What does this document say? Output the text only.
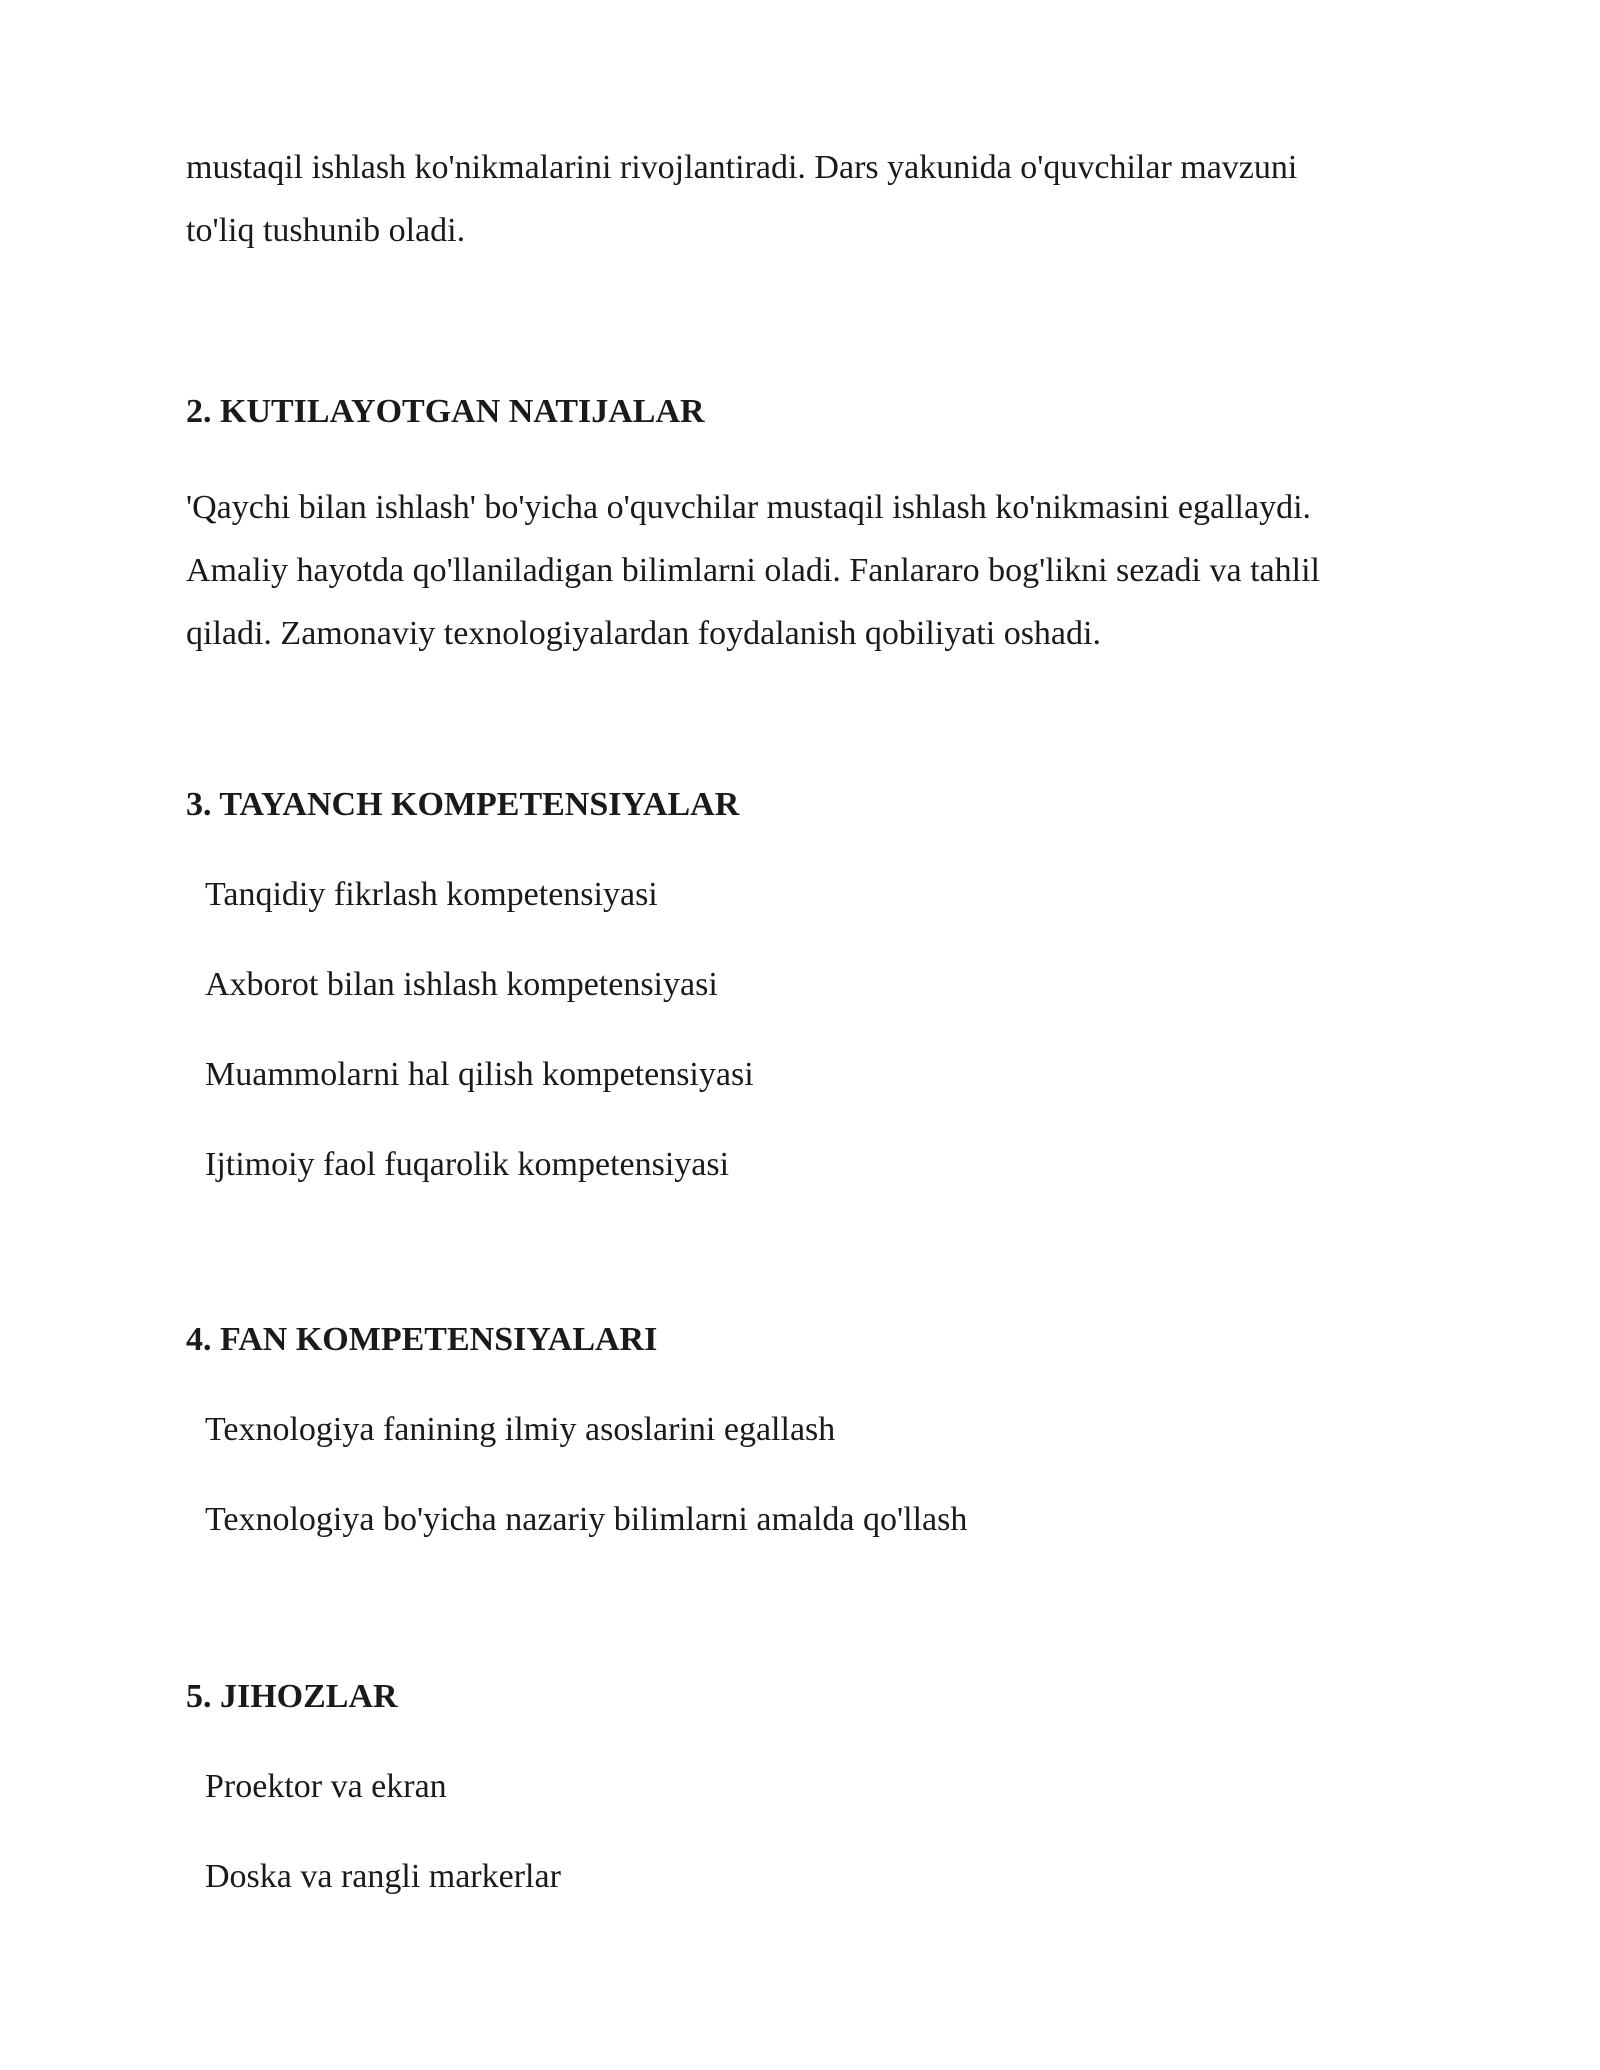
mustaqil ishlash ko'nikmalarini rivojlantiradi. Dars yakunida o'quvchilar mavzuni

to'liq tushunib oladi.

2. KUTILAYOTGAN NATIJALAR

'Qaychi bilan ishlash' bo'yicha o'quvchilar mustaqil ishlash ko'nikmasini egallaydi.

Amaliy hayotda qo'llaniladigan bilimlarni oladi. Fanlararo bog'likni sezadi va tahlil

qiladi. Zamonaviy texnologiyalardan foydalanish qobiliyati oshadi.

3. TAYANCH KOMPETENSIYALAR
Tanqidiy fikrlash kompetensiyasi
Axborot bilan ishlash kompetensiyasi
Muammolarni hal qilish kompetensiyasi
Ijtimoiy faol fuqarolik kompetensiyasi
4. FAN KOMPETENSIYALARI
Texnologiya fanining ilmiy asoslarini egallash
Texnologiya bo'yicha nazariy bilimlarni amalda qo'llash
5. JIHOZLAR
Proektor va ekran
Doska va rangli markerlar
